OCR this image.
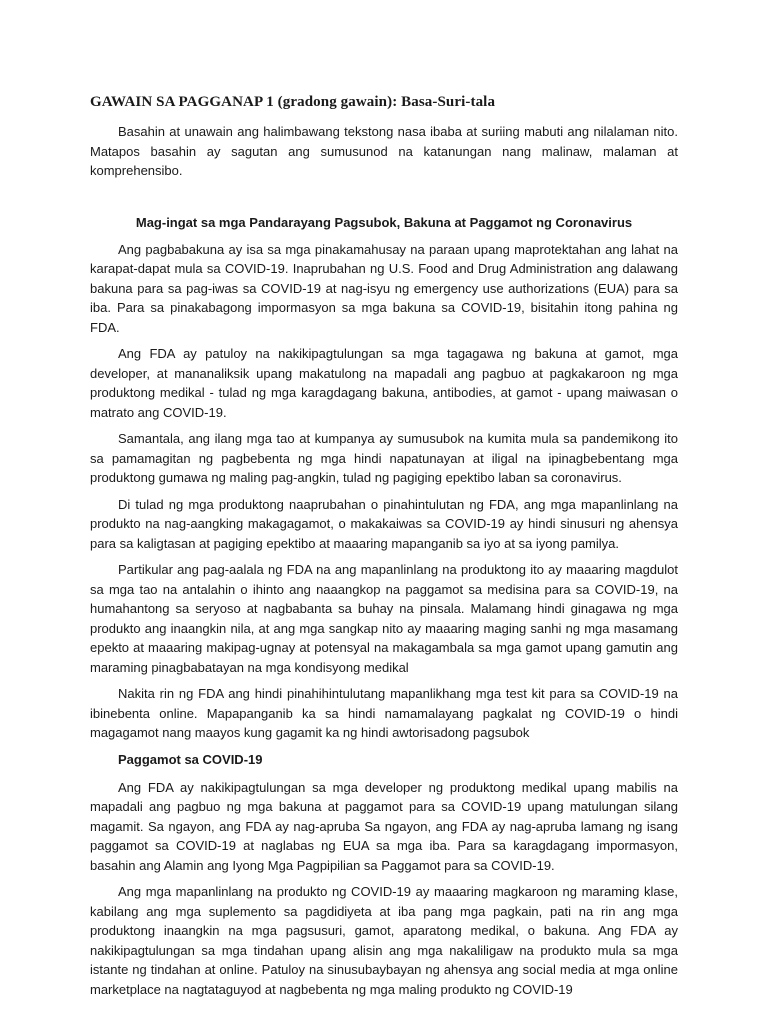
GAWAIN SA PAGGANAP 1 (gradong gawain): Basa-Suri-tala

Basahin at unawain ang halimbawang tekstong nasa ibaba at suriing mabuti ang nilalaman nito. Matapos basahin ay sagutan ang sumusunod na katanungan nang malinaw, malaman at komprehensibo.

Mag-ingat sa mga Pandarayang Pagsubok, Bakuna at Paggamot ng Coronavirus

Ang pagbabakuna ay isa sa mga pinakamahusay na paraan upang maprotektahan ang lahat na karapat-dapat mula sa COVID-19. Inaprubahan ng U.S. Food and Drug Administration ang dalawang bakuna para sa pag-iwas sa COVID-19 at nag-isyu ng emergency use authorizations (EUA) para sa iba. Para sa pinakabagong impormasyon sa mga bakuna sa COVID-19, bisitahin itong pahina ng FDA.

Ang FDA ay patuloy na nakikipagtulungan sa mga tagagawa ng bakuna at gamot, mga developer, at mananaliksik upang makatulong na mapadali ang pagbuo at pagkakaroon ng mga produktong medikal - tulad ng mga karagdagang bakuna, antibodies, at gamot - upang maiwasan o matrato ang COVID-19.

Samantala, ang ilang mga tao at kumpanya ay sumusubok na kumita mula sa pandemikong ito sa pamamagitan ng pagbebenta ng mga hindi napatunayan at iligal na ipinagbebentang mga produktong gumawa ng maling pag-angkin, tulad ng pagiging epektibo laban sa coronavirus.

Di tulad ng mga produktong naaprubahan o pinahintulutan ng FDA, ang mga mapanlinlang na produkto na nag-aangking makagagamot, o makakaiwas sa COVID-19 ay hindi sinusuri ng ahensya para sa kaligtasan at pagiging epektibo at maaaring mapanganib sa iyo at sa iyong pamilya.

Partikular ang pag-aalala ng FDA na ang mapanlinlang na produktong ito ay maaaring magdulot sa mga tao na antalahin o ihinto ang naaangkop na paggamot sa medisina para sa COVID-19, na humahantong sa seryoso at nagbabanta sa buhay na pinsala. Malamang hindi ginagawa ng mga produkto ang inaangkin nila, at ang mga sangkap nito ay maaaring maging sanhi ng mga masamang epekto at maaaring makipag-ugnay at potensyal na makagambala sa mga gamot upang gamutin ang maraming pinagbabatayan na mga kondisyong medikal

Nakita rin ng FDA ang hindi pinahihintulutang mapanlikhang mga test kit para sa COVID-19 na ibinebenta online. Mapapanganib ka sa hindi namamalayang pagkalat ng COVID-19 o hindi magagamot nang maayos kung gagamit ka ng hindi awtorisadong pagsubok

Paggamot sa COVID-19

Ang FDA ay nakikipagtulungan sa mga developer ng produktong medikal upang mabilis na mapadali ang pagbuo ng mga bakuna at paggamot para sa COVID-19 upang matulungan silang magamit. Sa ngayon, ang FDA ay nag-apruba Sa ngayon, ang FDA ay nag-apruba lamang ng isang paggamot sa COVID-19 at naglabas ng EUA sa mga iba. Para sa karagdagang impormasyon, basahin ang Alamin ang Iyong Mga Pagpipilian sa Paggamot para sa COVID-19.

Ang mga mapanlinlang na produkto ng COVID-19 ay maaaring magkaroon ng maraming klase, kabilang ang mga suplemento sa pagdidiyeta at iba pang mga pagkain, pati na rin ang mga produktong inaangkin na mga pagsusuri, gamot, aparatong medikal, o bakuna. Ang FDA ay nakikipagtulungan sa mga tindahan upang alisin ang mga nakaliligaw na produkto mula sa mga istante ng tindahan at online. Patuloy na sinusubaybayan ng ahensya ang social media at mga online marketplace na nagtataguyod at nagbebenta ng mga maling produkto ng COVID-19
